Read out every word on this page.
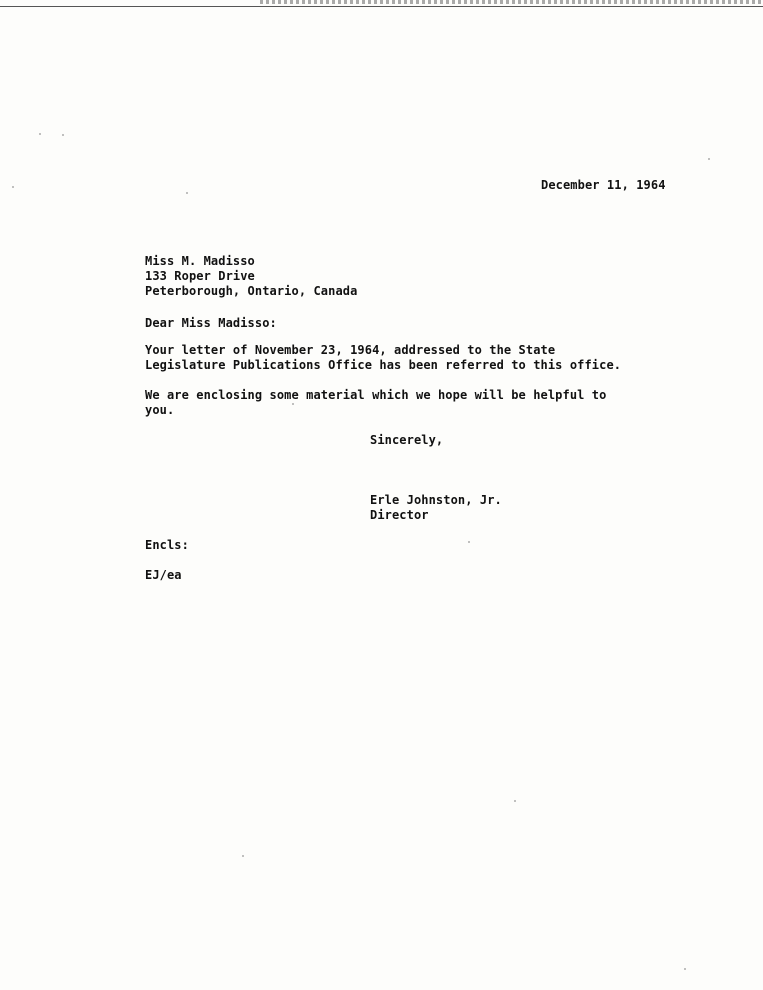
December 11, 1964
Miss M. Madisso
133 Roper Drive
Peterborough, Ontario, Canada
Dear Miss Madisso:
Your letter of November 23, 1964, addressed to the State
Legislature Publications Office has been referred to this office.
We are enclosing some material which we hope will be helpful to
you.
Sincerely,
Erle Johnston, Jr.
Director
Encls:
EJ/ea
